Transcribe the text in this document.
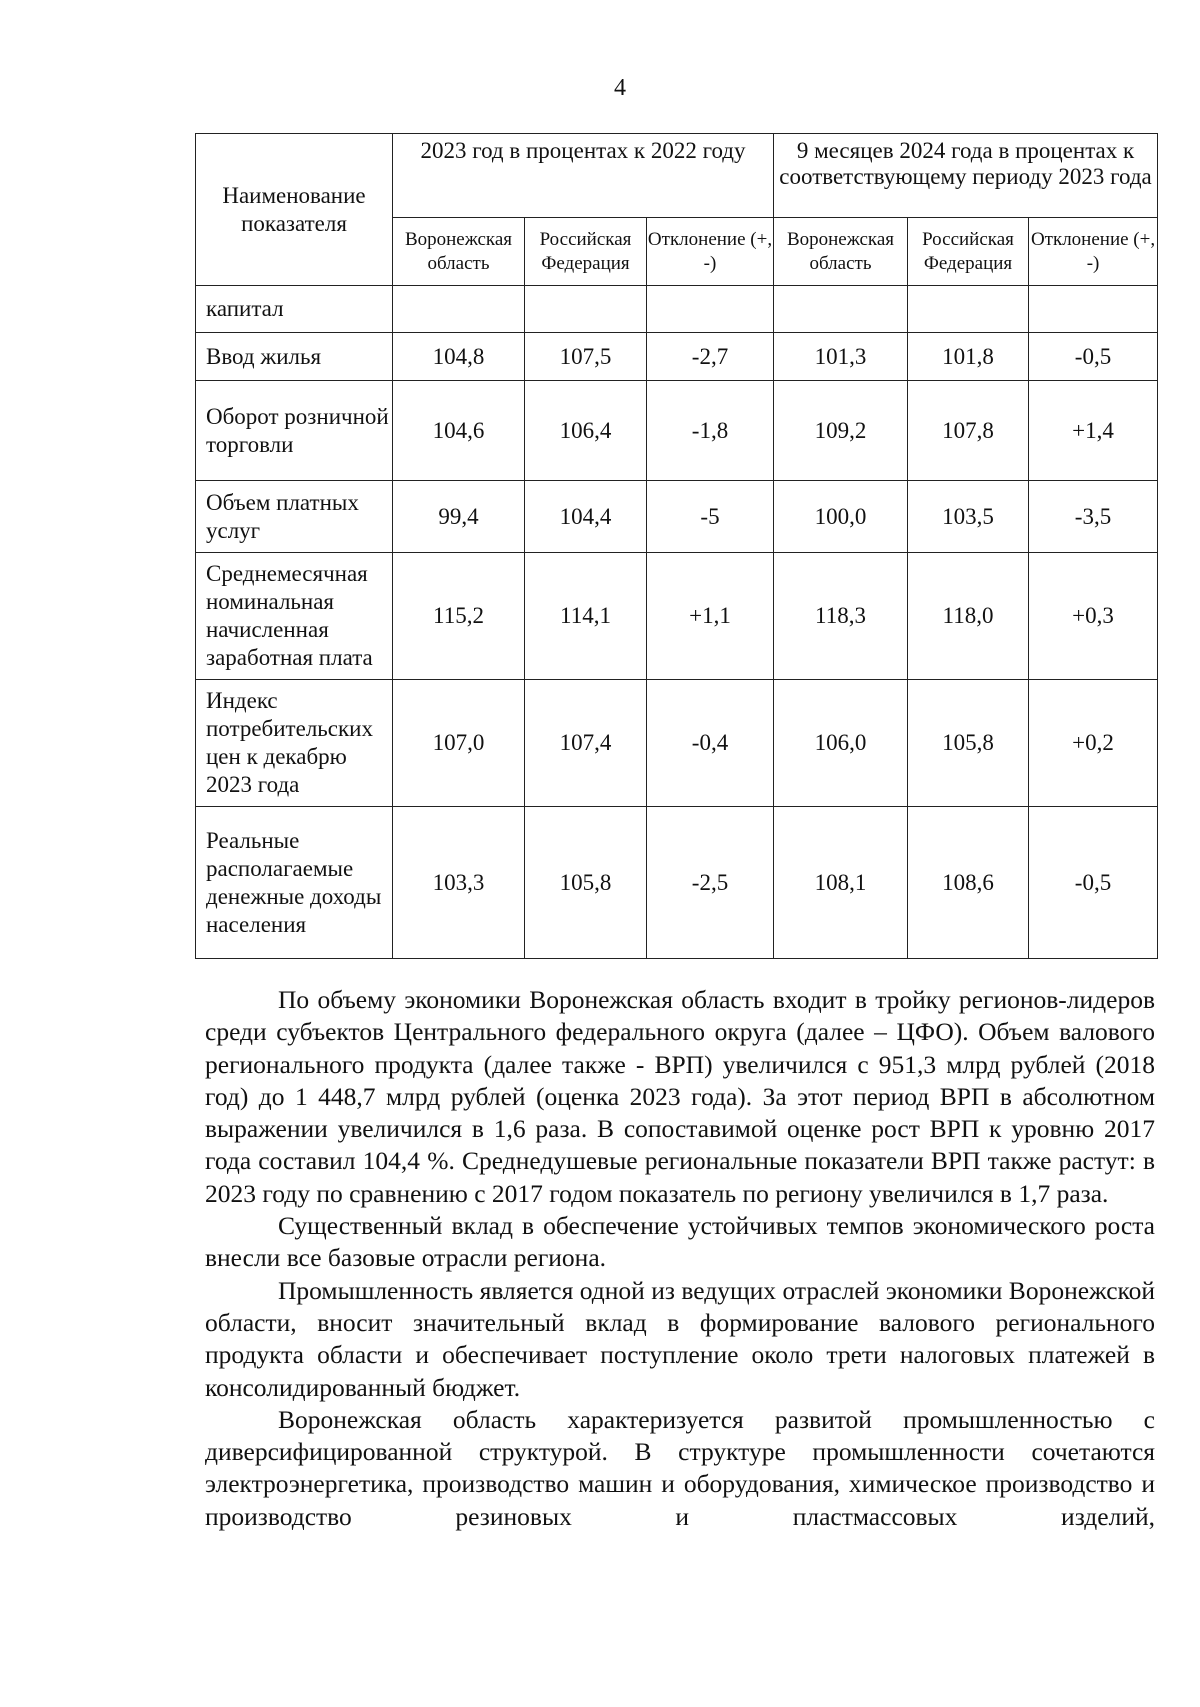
4
Наименование показателя	2023 год в процентах к 2022 году			9 месяцев 2024 года в процентах к соответствующему периоду 2023 года		
	Воронежская область	Российская Федерация	Отклонение (+, -)	Воронежская область	Российская Федерация	Отклонение (+, -)
капитал						
Ввод жилья	104,8	107,5	-2,7	101,3	101,8	-0,5
Оборот розничной торговли	104,6	106,4	-1,8	109,2	107,8	+1,4
Объем платных услуг	99,4	104,4	-5	100,0	103,5	-3,5
Среднемесячная номинальная начисленная заработная плата	115,2	114,1	+1,1	118,3	118,0	+0,3
Индекс потребительских цен к декабрю 2023 года	107,0	107,4	-0,4	106,0	105,8	+0,2
Реальные располагаемые денежные доходы населения	103,3	105,8	-2,5	108,1	108,6	-0,5

По объему экономики Воронежская область входит в тройку регионов-лидеров среди субъектов Центрального федерального округа (далее – ЦФО). Объем валового регионального продукта (далее также - ВРП) увеличился с 951,3 млрд рублей (2018 год) до 1 448,7 млрд рублей (оценка 2023 года). За этот период ВРП в абсолютном выражении увеличился в 1,6 раза. В сопоставимой оценке рост ВРП к уровню 2017 года составил 104,4 %. Среднедушевые региональные показатели ВРП также растут: в 2023 году по сравнению с 2017 годом показатель по региону увеличился в 1,7 раза.

Существенный вклад в обеспечение устойчивых темпов экономического роста внесли все базовые отрасли региона.

Промышленность является одной из ведущих отраслей экономики Воронежской области, вносит значительный вклад в формирование валового регионального продукта области и обеспечивает поступление около трети налоговых платежей в консолидированный бюджет.

Воронежская область характеризуется развитой промышленностью с диверсифицированной структурой. В структуре промышленности сочетаются электроэнергетика, производство машин и оборудования, химическое производство и производство резиновых и пластмассовых изделий,
